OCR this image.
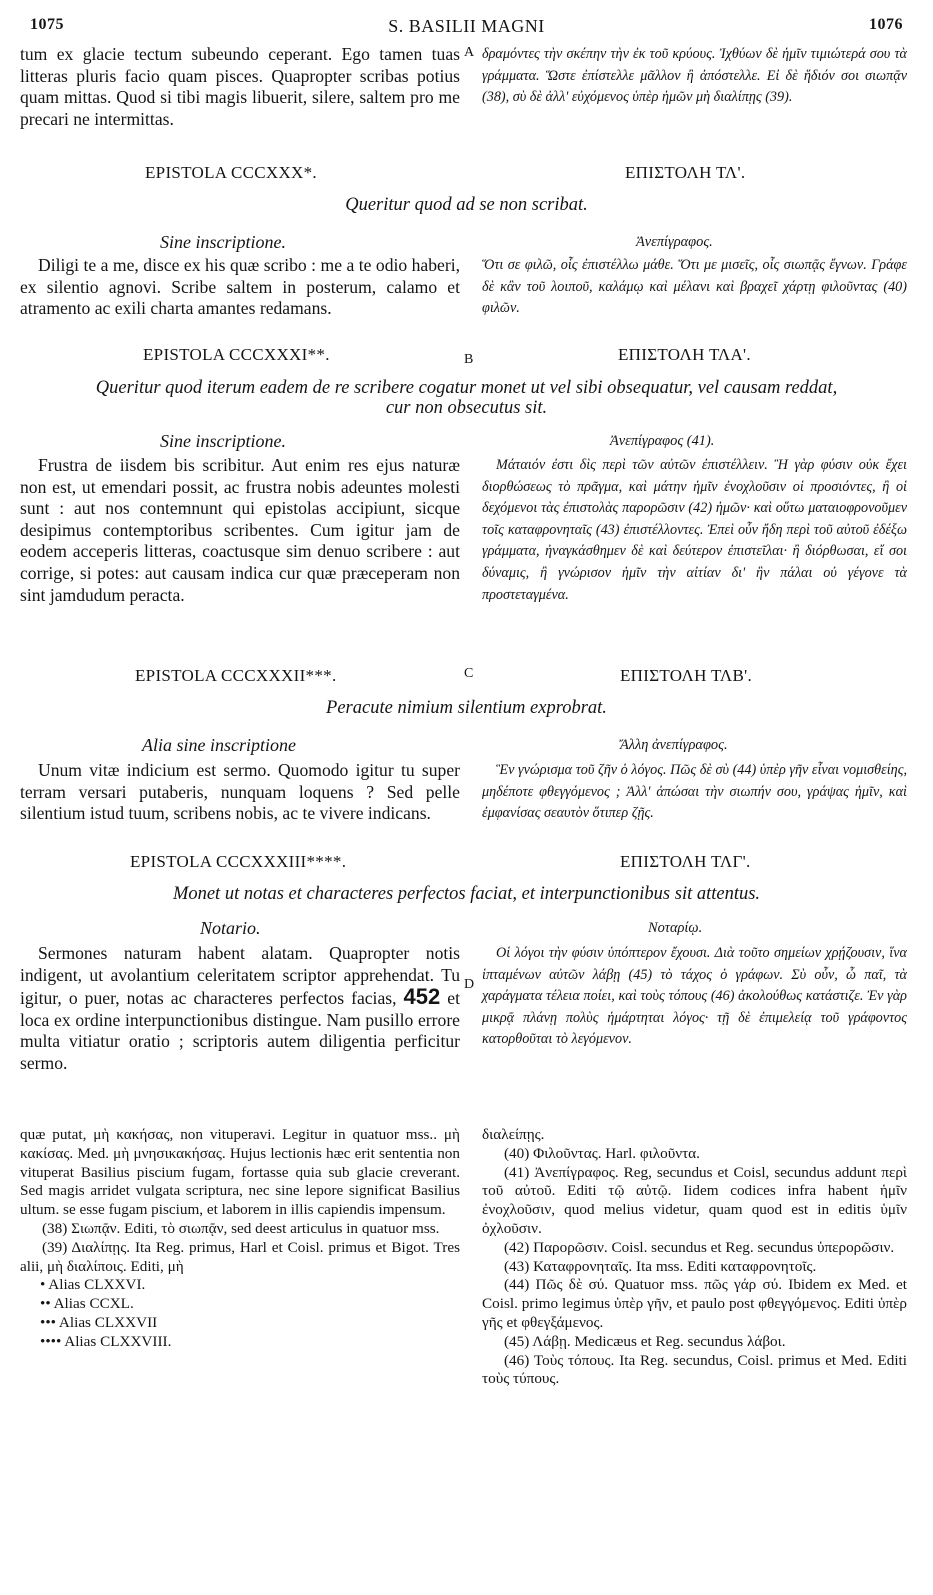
1075	S. BASILII MAGNI	1076
A
B
C
D
tum ex glacie tectum subeundo ceperant. Ego tamen tuas litteras pluris facio quam pisces. Quapropter scribas potius quam mittas. Quod si tibi magis libuerit, silere, saltem pro me precari ne intermittas.
δραμόντες τὴν σκέπην τὴν ἐκ τοῦ κρύους. Ἰχθύων δὲ ἡμῖν τιμιώτερά σου τὰ γράμματα. Ὥστε ἐπίστελλε μᾶλλον ἢ ἀπόστελλε. Εἰ δὲ ἥδιόν σοι σιωπᾷν (38), σὺ δὲ ἀλλ' εὐχόμενος ὑπὲρ ἡμῶν μὴ διαλίπῃς (39).
EPISTOLA CCCXXX*.	ΕΠΙΣΤΟΛΗ ΤΛ'.
Queritur quod ad se non scribat.
Sine inscriptione.	Ἀνεπίγραφος.
Diligi te a me, disce ex his quæ scribo : me a te odio haberi, ex silentio agnovi. Scribe saltem in posterum, calamo et atramento ac exili charta amantes redamans.
Ὅτι σε φιλῶ, οἷς ἐπιστέλλω μάθε. Ὅτι με μισεῖς, οἷς σιωπᾷς ἔγνων. Γράφε δὲ κἂν τοῦ λοιποῦ, καλάμῳ καὶ μέλανι καὶ βραχεῖ χάρτῃ φιλοῦντας (40) φιλῶν.
EPISTOLA CCCXXXI**.	ΕΠΙΣΤΟΛΗ ΤΛΑ'.
Queritur quod iterum eadem de re scribere cogatur monet ut vel sibi obsequatur, vel causam reddat,
cur non obsecutus sit.
Sine inscriptione.	Ἀνεπίγραφος (41).
Frustra de iisdem bis scribitur. Aut enim res ejus naturæ non est, ut emendari possit, ac frustra nobis adeuntes molesti sunt : aut nos contemnunt qui epistolas accipiunt, sicque desipimus contemptoribus scribentes. Cum igitur jam de eodem acceperis litteras, coactusque sim denuo scribere : aut corrige, si potes: aut causam indica cur quæ præceperam non sint jamdudum peracta.
Μάταιόν ἐστι δὶς περὶ τῶν αὐτῶν ἐπιστέλλειν. Ἢ γὰρ φύσιν οὐκ ἔχει διορθώσεως τὸ πρᾶγμα, καὶ μάτην ἡμῖν ἐνοχλοῦσιν οἱ προσιόντες, ἢ οἱ δεχόμενοι τὰς ἐπιστολὰς παρορῶσιν (42) ἡμῶν· καὶ οὕτω ματαιοφρονοῦμεν τοῖς καταφρονηταῖς (43) ἐπιστέλλοντες. Ἐπεὶ οὖν ἤδη περὶ τοῦ αὐτοῦ ἐδέξω γράμματα, ἠναγκάσθημεν δὲ καὶ δεύτερον ἐπιστεῖλαι· ἢ διόρθωσαι, εἴ σοι δύναμις, ἢ γνώρισον ἡμῖν τὴν αἰτίαν δι' ἣν πάλαι οὐ γέγονε τὰ προστεταγμένα.
EPISTOLA CCCXXXII***.	ΕΠΙΣΤΟΛΗ ΤΛΒ'.
Peracute nimium silentium exprobrat.
Alia sine inscriptione	Ἄλλη ἀνεπίγραφος.
Unum vitæ indicium est sermo. Quomodo igitur tu super terram versari putaberis, nunquam loquens ? Sed pelle silentium istud tuum, scribens nobis, ac te vivere indicans.
Ἓν γνώρισμα τοῦ ζῆν ὁ λόγος. Πῶς δὲ σὺ (44) ὑπὲρ γῆν εἶναι νομισθείης, μηδέποτε φθεγγόμενος ; Ἀλλ' ἀπώσαι τὴν σιωπήν σου, γράψας ἡμῖν, καὶ ἐμφανίσας σεαυτὸν ὅτιπερ ζῇς.
EPISTOLA CCCXXXIII****.	ΕΠΙΣΤΟΛΗ ΤΛΓ'.
Monet ut notas et characteres perfectos faciat, et interpunctionibus sit attentus.
Notario.	Νοταρίῳ.
Sermones naturam habent alatam. Quapropter notis indigent, ut avolantium celeritatem scriptor apprehendat. Tu igitur, o puer, notas ac characteres perfectos facias, 452 et loca ex ordine interpunctionibus distingue. Nam pusillo errore multa vitiatur oratio ; scriptoris autem diligentia perficitur sermo.
Οἱ λόγοι τὴν φύσιν ὑπόπτερον ἔχουσι. Διὰ τοῦτο σημείων χρῄζουσιν, ἵνα ἱπταμένων αὐτῶν λάβῃ (45) τὸ τάχος ὁ γράφων. Σὺ οὖν, ὦ παῖ, τὰ χαράγματα τέλεια ποίει, καὶ τοὺς τόπους (46) ἀκολούθως κατάστιζε. Ἐν γὰρ μικρᾷ πλάνῃ πολὺς ἡμάρτηται λόγος· τῇ δὲ ἐπιμελείᾳ τοῦ γράφοντος κατορθοῦται τὸ λεγόμενον.

quæ putat, μὴ κακήσας, non vituperavi. Legitur in quatuor mss.. μὴ κακίσας. Med. μὴ μνησικακήσας. Hujus lectionis hæc erit sententia non vituperat Basilius piscium fugam, fortasse quia sub glacie creverant. Sed magis arridet vulgata scriptura, nec sine lepore significat Basilius ultum. se esse fugam piscium, et laborem in illis capiendis impensum.

(38) Σιωπᾷν. Editi, τὸ σιωπᾷν, sed deest articulus in quatuor mss.

(39) Διαλίπῃς. Ita Reg. primus, Harl et Coisl. primus et Bigot. Tres alii, μὴ διαλίποις. Editi, μὴ

• Alias CLXXVI.

•• Alias CCXL.

••• Alias CLXXVII

•••• Alias CLXXVIII.

διαλείπῃς.

(40) Φιλοῦντας. Harl. φιλοῦντα.

(41) Ἀνεπίγραφος. Reg, secundus et Coisl, secundus addunt περὶ τοῦ αὐτοῦ. Editi τῷ αὐτῷ. Iidem codices infra habent ἡμῖν ἐνοχλοῦσιν, quod melius videtur, quam quod est in editis ὑμῖν ὀχλοῦσιν.

(42) Παρορῶσιν. Coisl. secundus et Reg. secundus ὑπερορῶσιν.

(43) Καταφρονηταῖς. Ita mss. Editi καταφρονητοῖς.

(44) Πῶς δὲ σύ. Quatuor mss. πῶς γάρ σύ. Ibidem ex Med. et Coisl. primo legimus ὑπὲρ γῆν, et paulo post φθεγγόμενος. Editi ὑπὲρ γῆς et φθεγξάμενος.

(45) Λάβῃ. Medicæus et Reg. secundus λάβοι.

(46) Τοὺς τόπους. Ita Reg. secundus, Coisl. primus et Med. Editi τοὺς τύπους.
